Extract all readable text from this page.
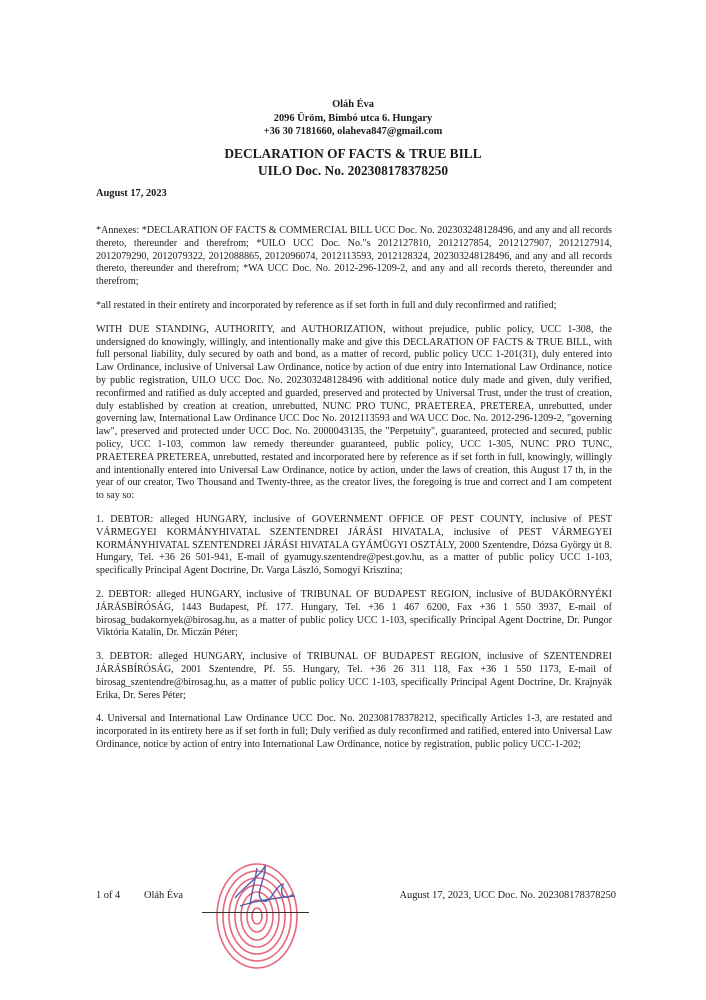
Oláh Éva
2096 Üröm, Bimbó utca 6. Hungary
+36 30 7181660, olaheva847@gmail.com
DECLARATION OF FACTS & TRUE BILL
UILO Doc. No. 202308178378250
August 17, 2023

*Annexes: *DECLARATION OF FACTS & COMMERCIAL BILL UCC Doc. No. 202303248128496, and any and all records thereto, thereunder and therefrom; *UILO UCC Doc. No."s 2012127810, 2012127854, 2012127907, 2012127914, 2012079290, 2012079322, 2012088865, 2012096074, 2012113593, 2012128324, 202303248128496, and any and all records thereto, thereunder and therefrom; *WA UCC Doc. No. 2012-296-1209-2, and any and all records thereto, thereunder and therefrom;

*all restated in their entirety and incorporated by reference as if set forth in full and duly reconfirmed and ratified;

WITH DUE STANDING, AUTHORITY, and AUTHORIZATION, without prejudice, public policy, UCC 1-308, the undersigned do knowingly, willingly, and intentionally make and give this DECLARATION OF FACTS & TRUE BILL, with full personal liability, duly secured by oath and bond, as a matter of record, public policy UCC 1-201(31), duly entered into Law Ordinance, inclusive of Universal Law Ordinance, notice by action of due entry into International Law Ordinance, notice by public registration, UILO UCC Doc. No. 202303248128496 with additional notice duly made and given, duly verified, reconfirmed and ratified as duly accepted and guarded, preserved and protected by Universal Trust, under the trust of creation, duly established by creation at creation, unrebutted, NUNC PRO TUNC, PRAETEREA, PRETEREA, unrebutted, under governing law, International Law Ordinance UCC Doc No. 2012113593 and WA UCC Doc. No. 2012-296-1209-2, "governing law", preserved and protected under UCC Doc. No. 2000043135, the "Perpetuity", guaranteed, protected and secured, public policy, UCC 1-103, common law remedy thereunder guaranteed, public policy, UCC 1-305, NUNC PRO TUNC, PRAETEREA PRETEREA, unrebutted, restated and incorporated here by reference as if set forth in full, knowingly, willingly and intentionally entered into Universal Law Ordinance, notice by action, under the laws of creation, this August 17 th, in the year of our creator, Two Thousand and Twenty-three, as the creator lives, the foregoing is true and correct and I am competent to say so:

1. DEBTOR: alleged HUNGARY, inclusive of GOVERNMENT OFFICE OF PEST COUNTY, inclusive of PEST VÁRMEGYEI KORMÁNYHIVATAL SZENTENDREI JÁRÁSI HIVATALA, inclusive of PEST VÁRMEGYEI KORMÁNYHIVATAL SZENTENDREI JÁRÁSI HIVATALA GYÁMÜGYI OSZTÁLY, 2000 Szentendre, Dózsa György út 8. Hungary, Tel. +36 26 501-941, E-mail of gyamugy.szentendre@pest.gov.hu, as a matter of public policy UCC 1-103, specifically Principal Agent Doctrine, Dr. Varga László, Somogyi Krisztina;

2. DEBTOR: alleged HUNGARY, inclusive of TRIBUNAL OF BUDAPEST REGION, inclusive of BUDAKÖRNYÉKI JÁRÁSBÍRÓSÁG, 1443 Budapest, Pf. 177. Hungary, Tel. +36 1 467 6200, Fax +36 1 550 3937, E-mail of birosag_budakornyek@birosag.hu, as a matter of public policy UCC 1-103, specifically Principal Agent Doctrine, Dr. Pungor Viktória Katalin, Dr. Miczán Péter;

3. DEBTOR: alleged HUNGARY, inclusive of TRIBUNAL OF BUDAPEST REGION, inclusive of SZENTENDREI JÁRÁSBÍRÓSÁG, 2001 Szentendre, Pf. 55. Hungary, Tel. +36 26 311 118, Fax +36 1 550 1173, E-mail of birosag_szentendre@birosag.hu, as a matter of public policy UCC 1-103, specifically Principal Agent Doctrine, Dr. Krajnyák Erika, Dr. Seres Péter;

4. Universal and International Law Ordinance UCC Doc. No. 202308178378212, specifically Articles 1-3, are restated and incorporated in its entirety here as if set forth in full; Duly verified as duly reconfirmed and ratified, entered into Universal Law Ordinance, notice by action of entry into International Law Ordinance, notice by registration, public policy UCC-1-202;

1 of 4 Oláh Éva	August 17, 2023, UCC Doc. No. 202308178378250
